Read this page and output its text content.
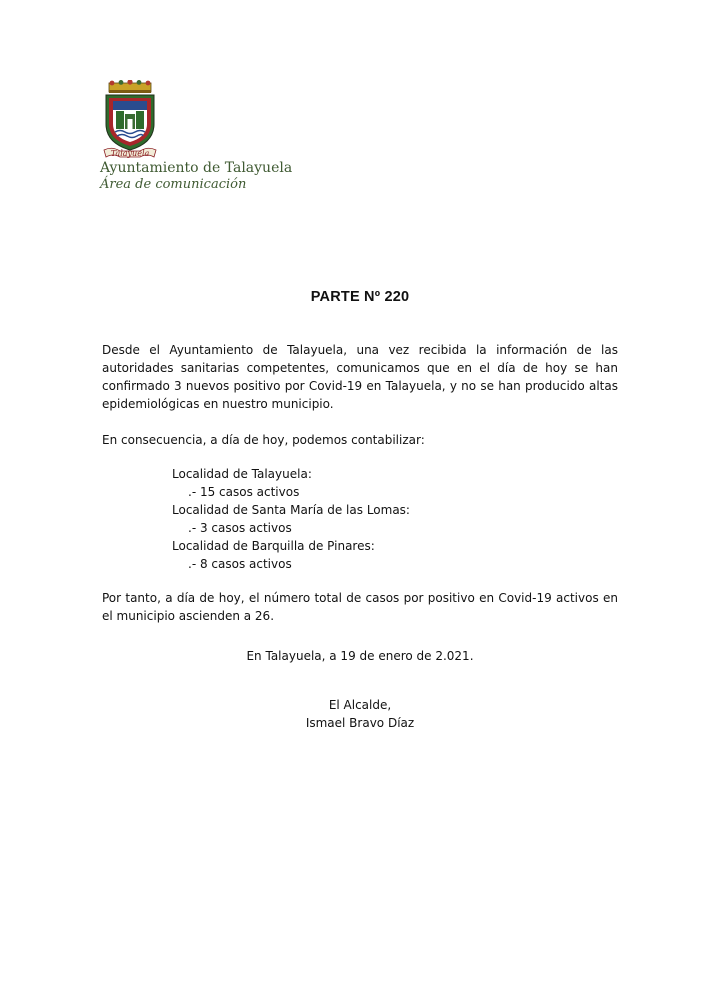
Talayuela
Ayuntamiento de Talayuela
Área de comunicación
PARTE Nº 220

Desde el Ayuntamiento de Talayuela, una vez recibida la información de las autoridades sanitarias competentes, comunicamos que en el día de hoy se han confirmado 3 nuevos positivo por Covid-19 en Talayuela, y no se han producido altas epidemiológicas en nuestro municipio.

En consecuencia, a día de hoy, podemos contabilizar:

Localidad de Talayuela:
.- 15 casos activos
Localidad de Santa María de las Lomas:
.- 3 casos activos
Localidad de Barquilla de Pinares:
.- 8 casos activos

Por tanto, a día de hoy, el número total de casos por positivo en Covid-19 activos en el municipio ascienden a 26.

En Talayuela, a 19 de enero de 2.021.
El Alcalde,
Ismael Bravo Díaz
